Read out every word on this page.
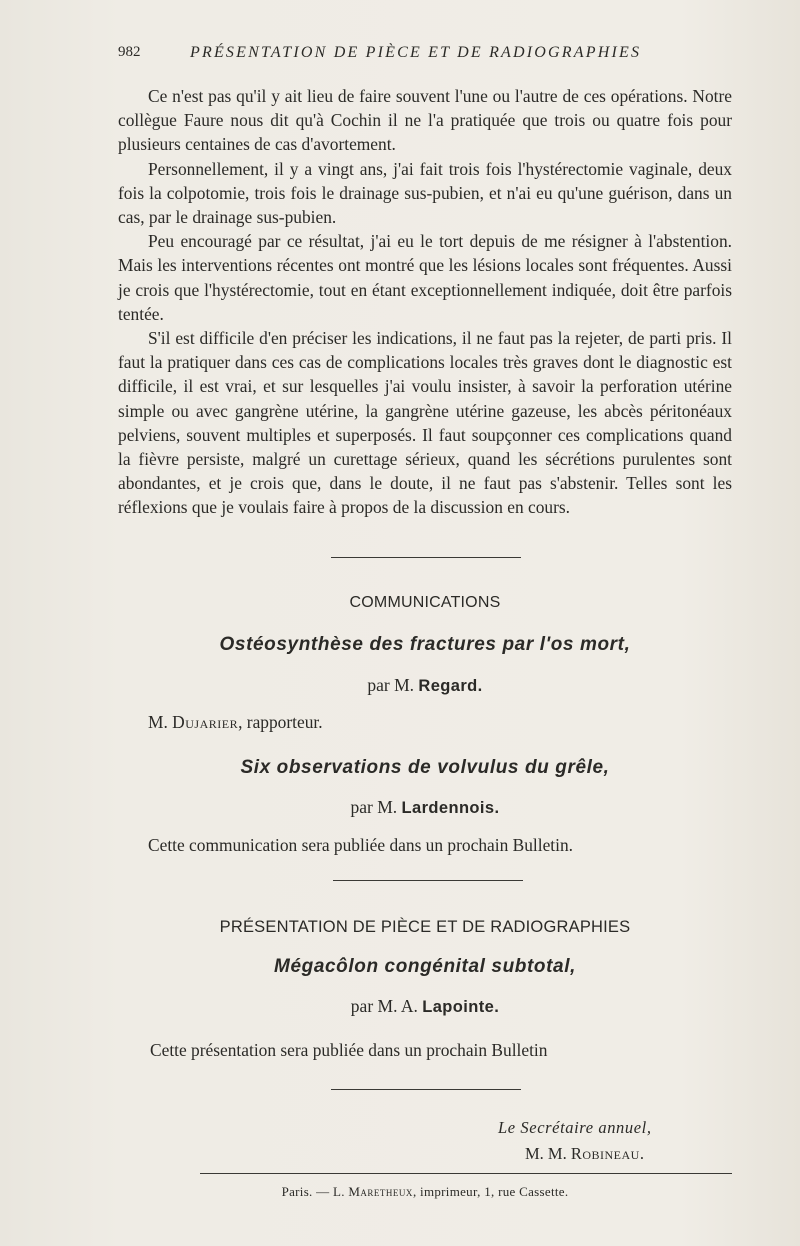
982	PRÉSENTATION DE PIÈCE ET DE RADIOGRAPHIES

Ce n'est pas qu'il y ait lieu de faire souvent l'une ou l'autre de ces opérations. Notre collègue Faure nous dit qu'à Cochin il ne l'a pratiquée que trois ou quatre fois pour plusieurs centaines de cas d'avortement.

Personnellement, il y a vingt ans, j'ai fait trois fois l'hystérectomie vaginale, deux fois la colpotomie, trois fois le drainage sus-pubien, et n'ai eu qu'une guérison, dans un cas, par le drainage sus-pubien.

Peu encouragé par ce résultat, j'ai eu le tort depuis de me résigner à l'abstention. Mais les interventions récentes ont montré que les lésions locales sont fréquentes. Aussi je crois que l'hystérectomie, tout en étant exceptionnellement indiquée, doit être parfois tentée.

S'il est difficile d'en préciser les indications, il ne faut pas la rejeter, de parti pris. Il faut la pratiquer dans ces cas de complications locales très graves dont le diagnostic est difficile, il est vrai, et sur lesquelles j'ai voulu insister, à savoir la perforation utérine simple ou avec gangrène utérine, la gangrène utérine gazeuse, les abcès péritonéaux pelviens, souvent multiples et superposés. Il faut soupçonner ces complications quand la fièvre persiste, malgré un curettage sérieux, quand les sécrétions purulentes sont abondantes, et je crois que, dans le doute, il ne faut pas s'abstenir. Telles sont les réflexions que je voulais faire à propos de la discussion en cours.

COMMUNICATIONS
Ostéosynthèse des fractures par l'os mort,
par M. Regard.
M. Dujarier, rapporteur.
Six observations de volvulus du grêle,
par M. Lardennois.
Cette communication sera publiée dans un prochain Bulletin.
PRÉSENTATION DE PIÈCE ET DE RADIOGRAPHIES
Mégacôlon congénital subtotal,
par M. A. Lapointe.
Cette présentation sera publiée dans un prochain Bulletin
Le Secrétaire annuel,
M. M. Robineau.
Paris. — L. Maretheux, imprimeur, 1, rue Cassette.
